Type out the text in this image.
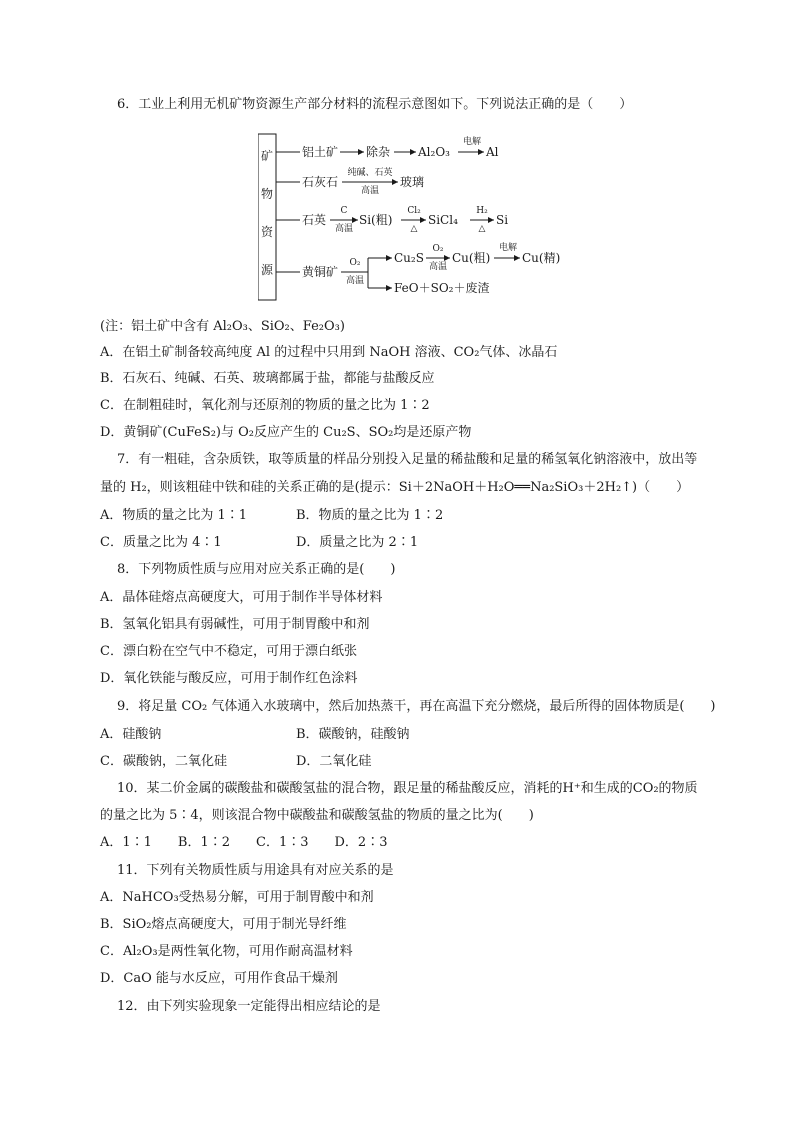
6．工业上利用无机矿物资源生产部分材料的流程示意图如下。下列说法正确的是（　　）
矿
物
资
源
铝土矿 除杂 Al₂O₃
电解
Al
石灰石
纯碱、石英
高温
玻璃
石英
C
高温
Si(粗)
Cl₂
△
SiCl₄
H₂
△
Si
黄铜矿
O₂
高温
Cu₂S
O₂
高温
Cu(粗)
电解
Cu(精)
FeO＋SO₂＋废渣
(注：铝土矿中含有 Al₂O₃、SiO₂、Fe₂O₃)
A．在铝土矿制备较高纯度 Al 的过程中只用到 NaOH 溶液、CO₂气体、冰晶石
B．石灰石、纯碱、石英、玻璃都属于盐，都能与盐酸反应
C．在制粗硅时，氧化剂与还原剂的物质的量之比为 1∶2
D．黄铜矿(CuFeS₂)与 O₂反应产生的 Cu₂S、SO₂均是还原产物
7．有一粗硅，含杂质铁，取等质量的样品分别投入足量的稀盐酸和足量的稀氢氧化钠溶液中，放出等
量的 H₂，则该粗硅中铁和硅的关系正确的是(提示：Si＋2NaOH＋H₂O══Na₂SiO₃＋2H₂↑)（　　）
A．物质的量之比为 1∶1	B．物质的量之比为 1∶2
C．质量之比为 4∶1	D．质量之比为 2∶1
8．下列物质性质与应用对应关系正确的是(　　)
A．晶体硅熔点高硬度大，可用于制作半导体材料
B．氢氧化铝具有弱碱性，可用于制胃酸中和剂
C．漂白粉在空气中不稳定，可用于漂白纸张
D．氧化铁能与酸反应，可用于制作红色涂料
9．将足量 CO₂ 气体通入水玻璃中，然后加热蒸干，再在高温下充分燃烧，最后所得的固体物质是(　　)
A．硅酸钠	B．碳酸钠，硅酸钠
C．碳酸钠，二氧化硅	D．二氧化硅
10．某二价金属的碳酸盐和碳酸氢盐的混合物，跟足量的稀盐酸反应，消耗的H⁺和生成的CO₂的物质
的量之比为 5∶4，则该混合物中碳酸盐和碳酸氢盐的物质的量之比为(　　)
A．1∶1　　B．1∶2　　C．1∶3　　D．2∶3
11．下列有关物质性质与用途具有对应关系的是
A．NaHCO₃受热易分解，可用于制胃酸中和剂
B．SiO₂熔点高硬度大，可用于制光导纤维
C．Al₂O₃是两性氧化物，可用作耐高温材料
D．CaO 能与水反应，可用作食品干燥剂
12．由下列实验现象一定能得出相应结论的是
